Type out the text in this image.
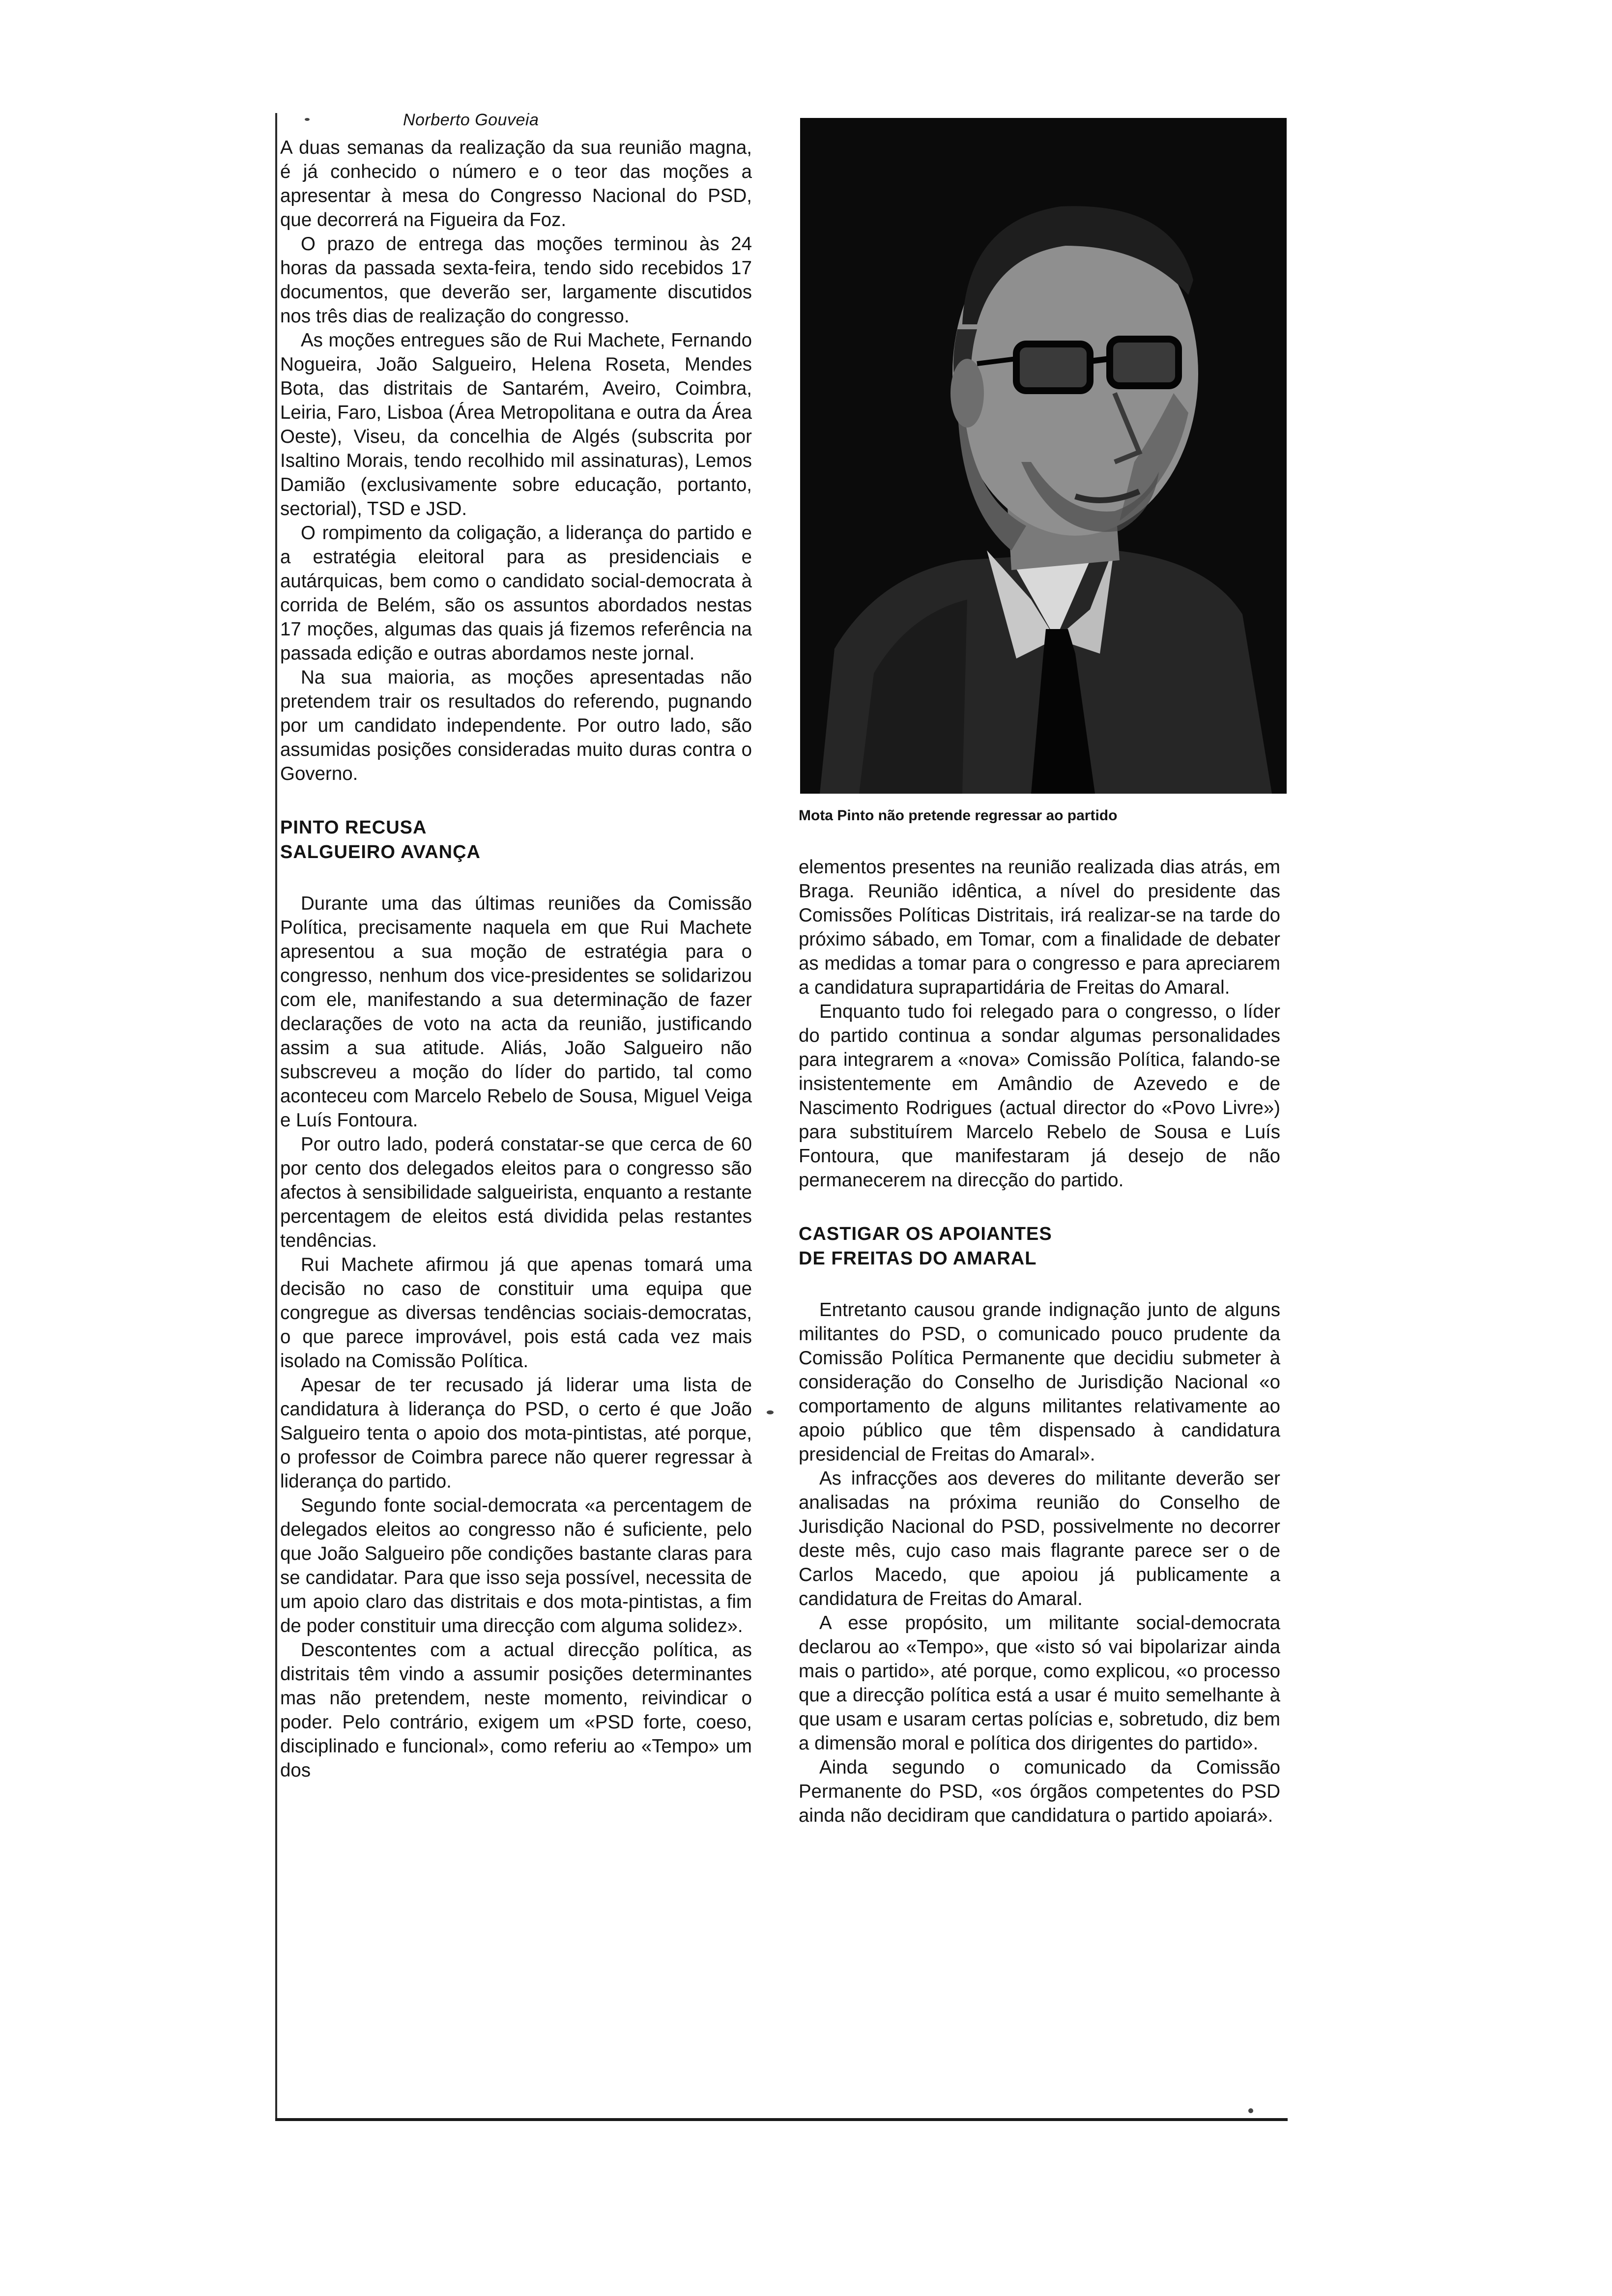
Norberto Gouveia

A duas semanas da realização da sua reunião magna, é já conhecido o número e o teor das moções a apresentar à mesa do Congresso Nacional do PSD, que decorrerá na Figueira da Foz.

O prazo de entrega das moções terminou às 24 horas da passada sexta-feira, tendo sido recebidos 17 documentos, que deverão ser, largamente discutidos nos três dias de realização do congresso.

As moções entregues são de Rui Machete, Fernando Nogueira, João Salgueiro, Helena Roseta, Mendes Bota, das distritais de Santarém, Aveiro, Coimbra, Leiria, Faro, Lisboa (Área Metropolitana e outra da Área Oeste), Viseu, da concelhia de Algés (subscrita por Isaltino Morais, tendo recolhido mil assinaturas), Lemos Damião (exclusivamente sobre educação, portanto, sectorial), TSD e JSD.

O rompimento da coligação, a liderança do partido e a estratégia eleitoral para as presidenciais e autárquicas, bem como o candidato social-democrata à corrida de Belém, são os assuntos abordados nestas 17 moções, algumas das quais já fizemos referência na passada edição e outras abordamos neste jornal.

Na sua maioria, as moções apresentadas não pretendem trair os resultados do referendo, pugnando por um candidato independente. Por outro lado, são assumidas posições consideradas muito duras contra o Governo.

PINTO RECUSA
SALGUEIRO AVANÇA

Durante uma das últimas reuniões da Comissão Política, precisamente naquela em que Rui Machete apresentou a sua moção de estratégia para o congresso, nenhum dos vice-presidentes se solidarizou com ele, manifestando a sua determinação de fazer declarações de voto na acta da reunião, justificando assim a sua atitude. Aliás, João Salgueiro não subscreveu a moção do líder do partido, tal como aconteceu com Marcelo Rebelo de Sousa, Miguel Veiga e Luís Fontoura.

Por outro lado, poderá constatar-se que cerca de 60 por cento dos delegados eleitos para o congresso são afectos à sensibilidade salgueirista, enquanto a restante percentagem de eleitos está dividida pelas restantes tendências.

Rui Machete afirmou já que apenas tomará uma decisão no caso de constituir uma equipa que congregue as diversas tendências sociais-democratas, o que parece improvável, pois está cada vez mais isolado na Comissão Política.

Apesar de ter recusado já liderar uma lista de candidatura à liderança do PSD, o certo é que João Salgueiro tenta o apoio dos mota-pintistas, até porque, o professor de Coimbra parece não querer regressar à liderança do partido.

Segundo fonte social-democrata «a percentagem de delegados eleitos ao congresso não é suficiente, pelo que João Salgueiro põe condições bastante claras para se candidatar. Para que isso seja possível, necessita de um apoio claro das distritais e dos mota-pintistas, a fim de poder constituir uma direcção com alguma solidez».

Descontentes com a actual direcção política, as distritais têm vindo a assumir posições determinantes mas não pretendem, neste momento, reivindicar o poder. Pelo contrário, exigem um «PSD forte, coeso, disciplinado e funcional», como referiu ao «Tempo» um dos

Mota Pinto não pretende regressar ao partido

elementos presentes na reunião realizada dias atrás, em Braga. Reunião idêntica, a nível do presidente das Comissões Políticas Distritais, irá realizar-se na tarde do próximo sábado, em Tomar, com a finalidade de debater as medidas a tomar para o congresso e para apreciarem a candidatura suprapartidária de Freitas do Amaral.

Enquanto tudo foi relegado para o congresso, o líder do partido continua a sondar algumas personalidades para integrarem a «nova» Comissão Política, falando-se insistentemente em Amândio de Azevedo e de Nascimento Rodrigues (actual director do «Povo Livre») para substituírem Marcelo Rebelo de Sousa e Luís Fontoura, que manifestaram já desejo de não permanecerem na direcção do partido.

CASTIGAR OS APOIANTES
DE FREITAS DO AMARAL

Entretanto causou grande indignação junto de alguns militantes do PSD, o comunicado pouco prudente da Comissão Política Permanente que decidiu submeter à consideração do Conselho de Jurisdição Nacional «o comportamento de alguns militantes relativamente ao apoio público que têm dispensado à candidatura presidencial de Freitas do Amaral».

As infracções aos deveres do militante deverão ser analisadas na próxima reunião do Conselho de Jurisdição Nacional do PSD, possivelmente no decorrer deste mês, cujo caso mais flagrante parece ser o de Carlos Macedo, que apoiou já publicamente a candidatura de Freitas do Amaral.

A esse propósito, um militante social-democrata declarou ao «Tempo», que «isto só vai bipolarizar ainda mais o partido», até porque, como explicou, «o processo que a direcção política está a usar é muito semelhante à que usam e usaram certas polícias e, sobretudo, diz bem a dimensão moral e política dos dirigentes do partido».

Ainda segundo o comunicado da Comissão Permanente do PSD, «os órgãos competentes do PSD ainda não decidiram que candidatura o partido apoiará».
